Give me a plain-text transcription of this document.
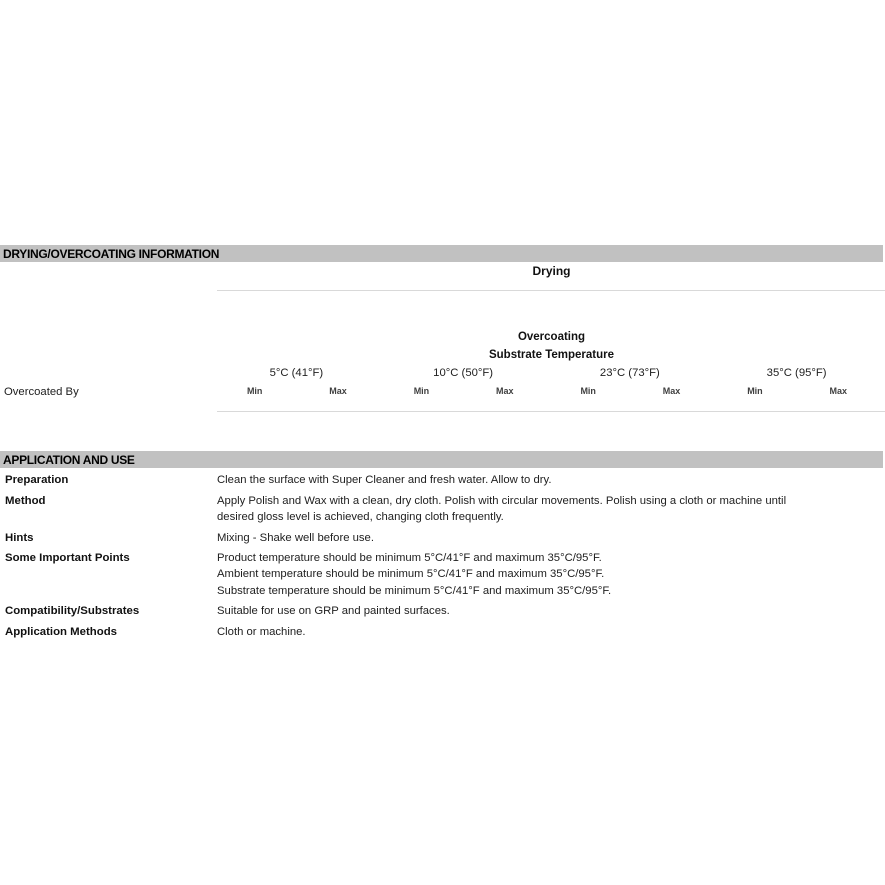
DRYING/OVERCOATING INFORMATION
Drying
Overcoating
Substrate Temperature
5°C (41°F)	10°C (50°F)	23°C (73°F)	35°C (95°F)
Overcoated By	Min	Max	Min	Max	Min	Max	Min	Max
APPLICATION AND USE
Preparation	Clean the surface with Super Cleaner and fresh water. Allow to dry.
Method	Apply Polish and Wax with a clean, dry cloth. Polish with circular movements. Polish using a cloth or machine until
desired gloss level is achieved, changing cloth frequently.
Hints	Mixing - Shake well before use.
Some Important Points	Product temperature should be minimum 5°C/41°F and maximum 35°C/95°F.
Ambient temperature should be minimum 5°C/41°F and maximum 35°C/95°F.
Substrate temperature should be minimum 5°C/41°F and maximum 35°C/95°F.
Compatibility/Substrates	Suitable for use on GRP and painted surfaces.
Application Methods	Cloth or machine.
